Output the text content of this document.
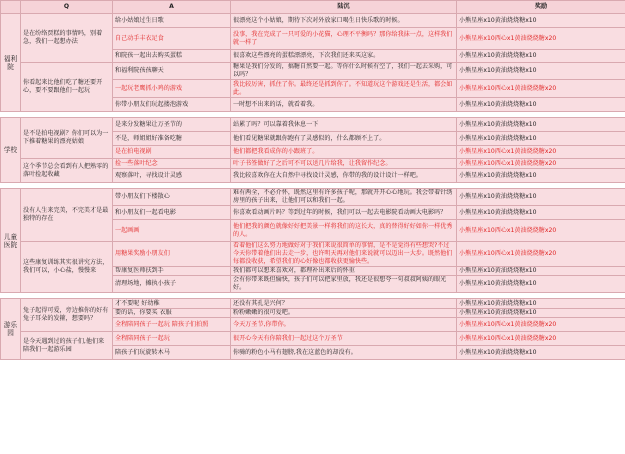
	Q	A	陆沉	奖励
福利院	是在纷络贾糕的事情吗，别着急，我们一起想办法	给小姑娘过生日歌	很漂亮这个小姑娘，期待下次对外放家口喝生日快乐歌的时候。	小熊星座x10黄油烧烧糖x10
		自己动手丰衣足食	没事，我在完成了一只可爱的小花猫，心理不平衡吗？那你给我抹一点，这样我们就一样了	小熊星座x10西心x1黄油烧烧糖x20
		和院孩一起出去购买蛋糕	很喜欢这些漂亮的蛋糕漂漂亮，下次我们还来买这家。	小熊星座x10黄油烧烧糖x10
	你看起来比他们吃了糖还要开心，要不要跟他们一起玩	和福利院孩孩聊天	糖果是我们分发的，搞糖自然要一起。等你什么时候有空了，我们一起去采购，可以吗？	小熊星座x10黄油烧烧糖x10
		一起玩老鹰抓小鸡的游戏	我比较厉害，抓住了你。最终还是抓到你了。不知道玩这个游戏还是生活，都会如此。	小熊星座x10西心x1黄油烧烧糖x20
		你带小朋友们玩起搂泡游戏	一时想不出来的话，就看着我。	小熊星座x10黄油烧烧糖x10

学校	是不是拍电视剧？你们可以为一下推着糖果的漂亮姑娘	是来分发糖果让万圣节的	站累了吗？可以靠着我休息一下	小熊星座x10黄油烧烧糖x10
		不是，师姐姐好准备吃糖	他们看见糖果就跟你跑有了灵感似的，什么都顾不上了。	小熊星座x10黄油烧烧糖x10
		是在拍电视剧	他们都把我看成你的小跟班了。	小熊星座x10西心x1黄油烧烧糖x20
	这个季节总会看到有人把熟零的落叶捡起收藏	捡一些落叶纪念	叶子书签做好了之后可不可以送几片给我，让我留作纪念。	小熊星座x10西心x1黄油烧烧糖x20
		观察落叶，寻找设计灵感	我比较喜欢你在大自然中寻找设计灵感，你带的我的设计设计一样吧。	小熊星座x10黄油烧烧糖x10

儿童医院	没有人生来完美，不完美才是最独特的存在	带小朋友们下楼散心	难有两全，不必介怀，既然这里有许多孩子呢，那就开开心心地玩。我会带着针绣房里的孩子出来，让他们可以和我们一起。	小熊星座x10黄油烧烧糖x10
		和小朋友们一起看电影	你喜欢看动画片吗？等到过年的时候，我们可以一起去电影院看动画大电影吗？	小熊星座x10黄油烧烧糖x10
		一起画画	他们把我的颜色就像好好把美景一样将我们的这长大，真的替得好好如你一样优秀的人。	小熊星座x10西心x1黄油烧烧糖x20
	这些康复训练其实很讲究方法，我们可以，小心盐，慢慢来	用糖果奖励小朋友们	看着他们这么努力地做好对于我们来说很简单的事情，是不是觉得有些想哭?不过今天你带着他们出去走一步，也许明天再对他们来说就可以迈出一大步。既然他们每都没收获，希望我们的心好像也都收获更愉快些。	小熊星座x10西心x1黄油烧烧糖x20
		帮康复医师扶到手	我们都可以想来喜欢对，都理补出来后的怀重	小熊星座x10黄油烧烧糖x10
		清理场地，摊执小孩子	会有你带来既但愉快，孩子们可以把家里放，我还是很想夸一句叔叔阿姨的眼光好。	小熊星座x10黄油烧烧糖x10

游乐园	兔子起得可爱，旁边推你的好有兔子耳朵的发箍，想要吗？	才不要呢 好幼稚	还没有其孔是兴何？	小熊星座x10黄油烧烧糖x10
		要的话，你要买 衣服	粉粉嫩嫩的很可爱吧。	小熊星座x10黄油烧烧糖x10
		全程陪同孩子一起玩 陪孩子们拍照	今天万圣节,你带你。	小熊星座x10西心x1黄油烧烧糖x20
	是今天遇到过的孩子们,他们来陪我们一起游乐园	全程陪同孩子一起玩	很开心今天有你陪我们一起过这个万圣节	小熊星座x10西心x1黄油烧烧糖x20
		陪孩子们玩旋转木马	你骑的粉色小马有翅膀,我在这蓝色的却没有。	小熊星座x10黄油烧烧糖x10
